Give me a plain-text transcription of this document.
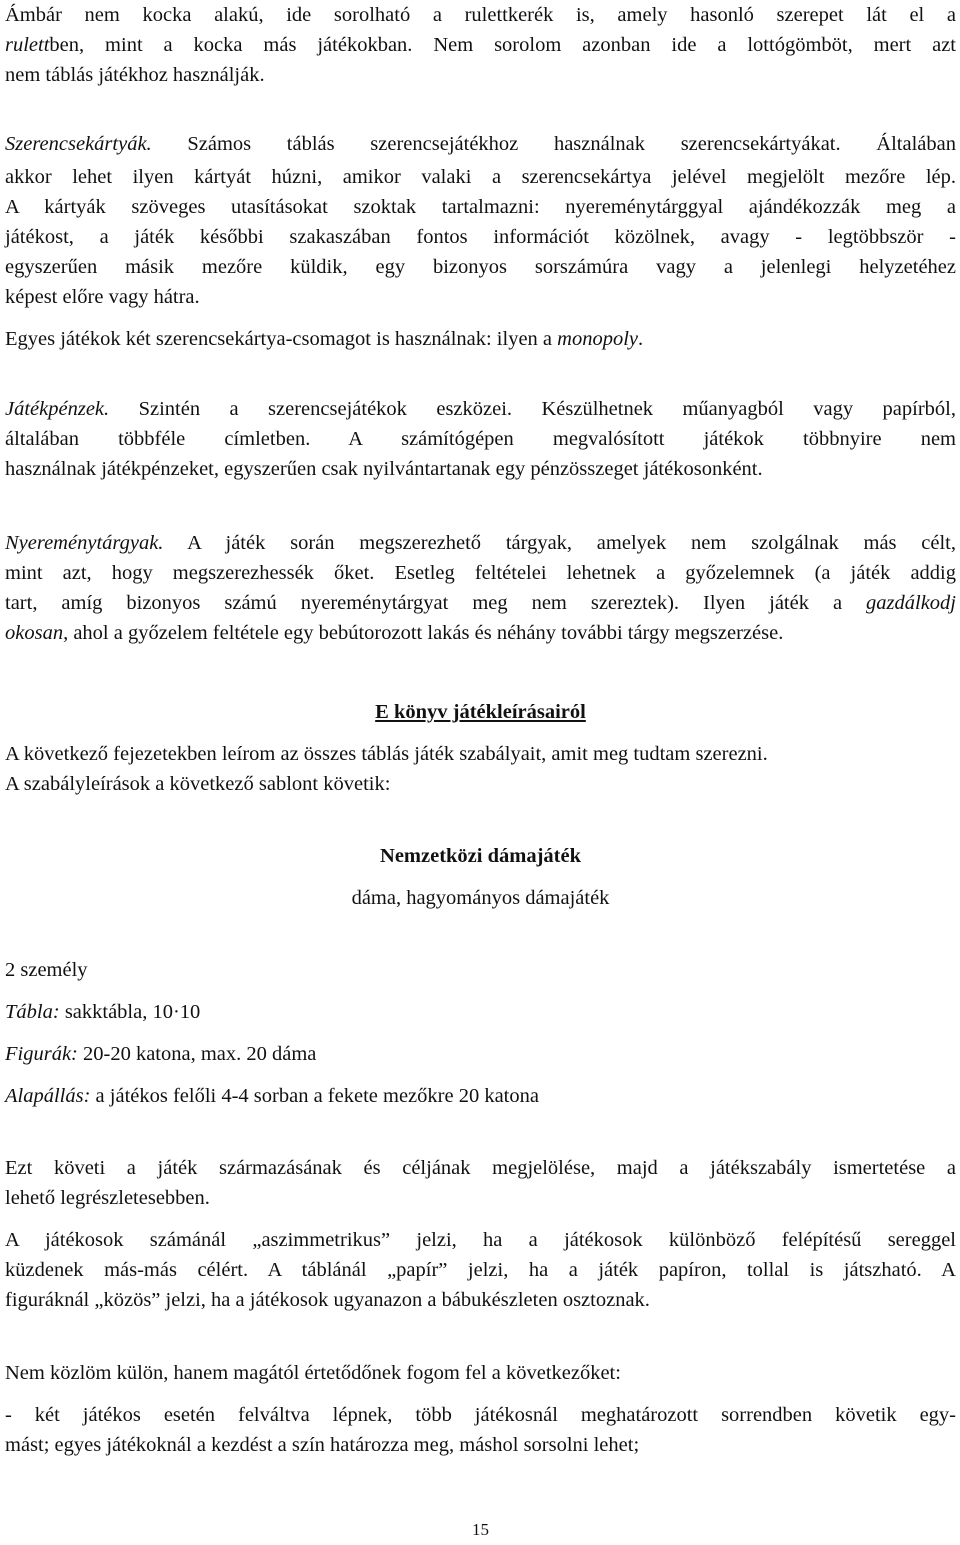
Ámbár nem kocka alakú, ide sorolható a rulettkerék is, amely hasonló szerepet lát el a
rulettben, mint a kocka más játékokban. Nem sorolom azonban ide a lottógömböt, mert azt
nem táblás játékhoz használják.
Szerencsekártyák. Számos táblás szerencsejátékhoz használnak szerencsekártyákat. Általában
akkor lehet ilyen kártyát húzni, amikor valaki a szerencsekártya jelével megjelölt mezőre lép.
A kártyák szöveges utasításokat szoktak tartalmazni: nyereménytárggyal ajándékozzák meg a
játékost, a játék későbbi szakaszában fontos információt közölnek, avagy - legtöbbször -
egyszerűen másik mezőre küldik, egy bizonyos sorszámúra vagy a jelenlegi helyzetéhez
képest előre vagy hátra.
Egyes játékok két szerencsekártya-csomagot is használnak: ilyen a monopoly.
Játékpénzek. Szintén a szerencsejátékok eszközei. Készülhetnek műanyagból vagy papírból,
általában többféle címletben. A számítógépen megvalósított játékok többnyire nem
használnak játékpénzeket, egyszerűen csak nyilvántartanak egy pénzösszeget játékosonként.
Nyereménytárgyak. A játék során megszerezhető tárgyak, amelyek nem szolgálnak más célt,
mint azt, hogy megszerezhessék őket. Esetleg feltételei lehetnek a győzelemnek (a játék addig
tart, amíg bizonyos számú nyereménytárgyat meg nem szereztek). Ilyen játék a gazdálkodj
okosan, ahol a győzelem feltétele egy bebútorozott lakás és néhány további tárgy megszerzése.
E könyv játékleírásairól
A következő fejezetekben leírom az összes táblás játék szabályait, amit meg tudtam szerezni.
A szabályleírások a következő sablont követik:
Nemzetközi dámajáték
dáma, hagyományos dámajáték
2 személy
Tábla: sakktábla, 10·10
Figurák: 20-20 katona, max. 20 dáma
Alapállás: a játékos felőli 4-4 sorban a fekete mezőkre 20 katona
Ezt követi a játék származásának és céljának megjelölése, majd a játékszabály ismertetése a
lehető legrészletesebben.
A játékosok számánál „aszimmetrikus” jelzi, ha a játékosok különböző felépítésű sereggel
küzdenek más-más célért. A táblánál „papír” jelzi, ha a játék papíron, tollal is játszható. A
figuráknál „közös” jelzi, ha a játékosok ugyanazon a bábukészleten osztoznak.
Nem közlöm külön, hanem magától értetődőnek fogom fel a következőket:
- két játékos esetén felváltva lépnek, több játékosnál meghatározott sorrendben követik egy-
mást; egyes játékoknál a kezdést a szín határozza meg, máshol sorsolni lehet;
15
